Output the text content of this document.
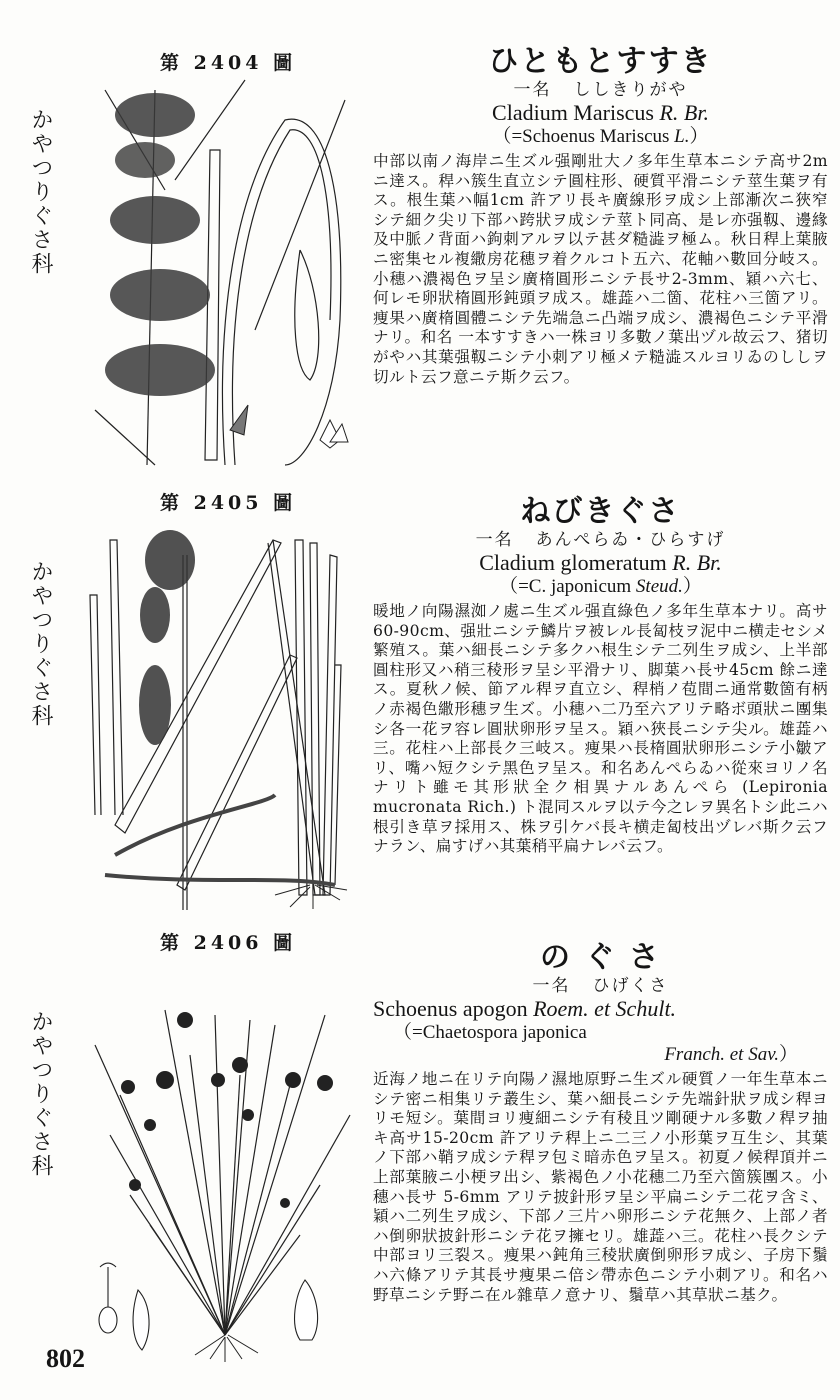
第 2404 圖
かやつりぐさ科
ひともとすすき
一名 ししきりがや
Cladium Mariscus R. Br.
（=Schoenus Mariscus L.）
中部以南ノ海岸ニ生ズル强剛壯大ノ多年生草本ニシテ高サ2m ニ達ス。稈ハ簇生直立シテ圓柱形、硬質平滑ニシテ莖生葉ヲ有ス。根生葉ハ幅1cm 許アリ長キ廣線形ヲ成シ上部漸次ニ狹窄シテ細ク尖リ下部ハ跨狀ヲ成シテ莖ト同高、是レ亦强靱、邊緣及中脈ノ背面ハ鉤刺アルヲ以テ甚ダ糙澁ヲ極ム。秋日稈上葉腋ニ密集セル複繖房花穗ヲ着クルコト五六、花軸ハ數回分岐ス。小穗ハ濃褐色ヲ呈シ廣楕圓形ニシテ長サ2-3mm、穎ハ六七、何レモ卵狀楕圓形鈍頭ヲ成ス。雄蕋ハ二箇、花柱ハ三箇アリ。痩果ハ廣楕圓體ニシテ先端急ニ凸端ヲ成シ、濃褐色ニシテ平滑ナリ。和名 一本すすきハ一株ヨリ多數ノ葉出ヅル故云フ、猪切がやハ其葉强靱ニシテ小刺アリ極メテ糙澁スルヨリゐのししヲ切ルト云フ意ニテ斯ク云フ。
第 2405 圖
かやつりぐさ科
ねびきぐさ
一名 あんぺらゐ・ひらすげ
Cladium glomeratum R. Br.
（=C. japonicum Steud.）
暖地ノ向陽濕洳ノ處ニ生ズル强直綠色ノ多年生草本ナリ。高サ60-90cm、强壯ニシテ鱗片ヲ被レル長匐枝ヲ泥中ニ横走セシメ繁殖ス。葉ハ細長ニシテ多クハ根生シテ二列生ヲ成シ、上半部圓柱形又ハ稍三稜形ヲ呈シ平滑ナリ、脚葉ハ長サ45cm 餘ニ達ス。夏秋ノ候、節アル稈ヲ直立シ、稈梢ノ苞間ニ通常數箇有柄ノ赤褐色繖形穗ヲ生ズ。小穗ハ二乃至六アリテ略ボ頭狀ニ團集シ各一花ヲ容レ圓狀卵形ヲ呈ス。穎ハ狹長ニシテ尖ル。雄蕋ハ三。花柱ハ上部長ク三岐ス。痩果ハ長楕圓狀卵形ニシテ小皺アリ、嘴ハ短クシテ黑色ヲ呈ス。和名あんぺらゐハ從來ヨリノ名ナリト雖モ其形狀全ク相異ナルあんぺら (Lepironia mucronata Rich.) ト混同スルヲ以テ今之レヲ異名トシ此ニハ根引き草ヲ採用ス、株ヲ引ケバ長キ横走匐枝出ヅレバ斯ク云フナラン、扁すげハ其葉稍平扁ナレバ云フ。
第 2406 圖
かやつりぐさ科
の ぐ さ
一名 ひげくさ
Schoenus apogon Roem. et Schult.
（=Chaetospora japonica
Franch. et Sav.）
近海ノ地ニ在リテ向陽ノ濕地原野ニ生ズル硬質ノ一年生草本ニシテ密ニ相集リテ叢生シ、葉ハ細長ニシテ先端針狀ヲ成シ稈ヨリモ短シ。葉間ヨリ痩細ニシテ有稜且ツ剛硬ナル多數ノ稈ヲ抽キ高サ15-20cm 許アリテ稈上ニ二三ノ小形葉ヲ互生シ、其葉ノ下部ハ鞘ヲ成シテ稈ヲ包ミ暗赤色ヲ呈ス。初夏ノ候稈頂并ニ上部葉腋ニ小梗ヲ出シ、紫褐色ノ小花穗二乃至六箇簇團ス。小穗ハ長サ 5-6mm アリテ披針形ヲ呈シ平扁ニシテ二花ヲ含ミ、穎ハ二列生ヲ成シ、下部ノ三片ハ卵形ニシテ花無ク、上部ノ者ハ倒卵狀披針形ニシテ花ヲ擁セリ。雄蕋ハ三。花柱ハ長クシテ中部ヨリ三裂ス。痩果ハ鈍角三稜狀廣倒卵形ヲ成シ、子房下鬚ハ六條アリテ其長サ痩果ニ倍シ帶赤色ニシテ小刺アリ。和名ハ野草ニシテ野ニ在ル雜草ノ意ナリ、鬚草ハ其草狀ニ基ク。
802
